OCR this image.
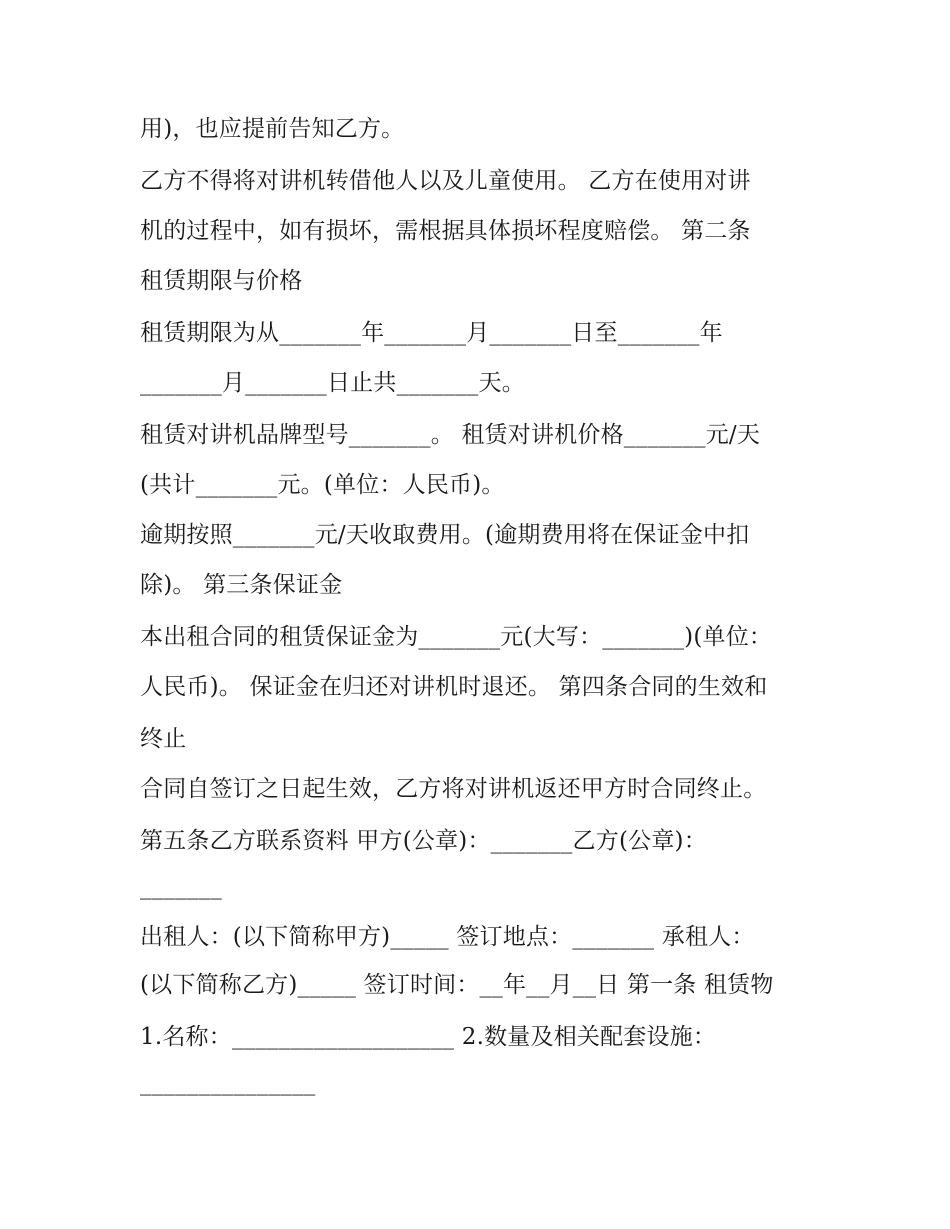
用)，也应提前告知乙方。
乙方不得将对讲机转借他人以及儿童使用。 乙方在使用对讲
机的过程中，如有损坏，需根据具体损坏程度赔偿。 第二条
租赁期限与价格
租赁期限为从_______年_______月_______日至_______年
_______月_______日止共_______天。
租赁对讲机品牌型号_______。 租赁对讲机价格_______元/天
(共计_______元。(单位：人民币)。
逾期按照_______元/天收取费用。(逾期费用将在保证金中扣
除)。 第三条保证金
本出租合同的租赁保证金为_______元(大写：_______)(单位：
人民币)。 保证金在归还对讲机时退还。 第四条合同的生效和
终止
合同自签订之日起生效，乙方将对讲机返还甲方时合同终止。
第五条乙方联系资料 甲方(公章)：_______乙方(公章)：
_______
出租人：(以下简称甲方)_____ 签订地点：_______ 承租人：
(以下简称乙方)_____ 签订时间：__年__月__日 第一条 租赁物
1.名称：___________________ 2.数量及相关配套设施：
_______________
